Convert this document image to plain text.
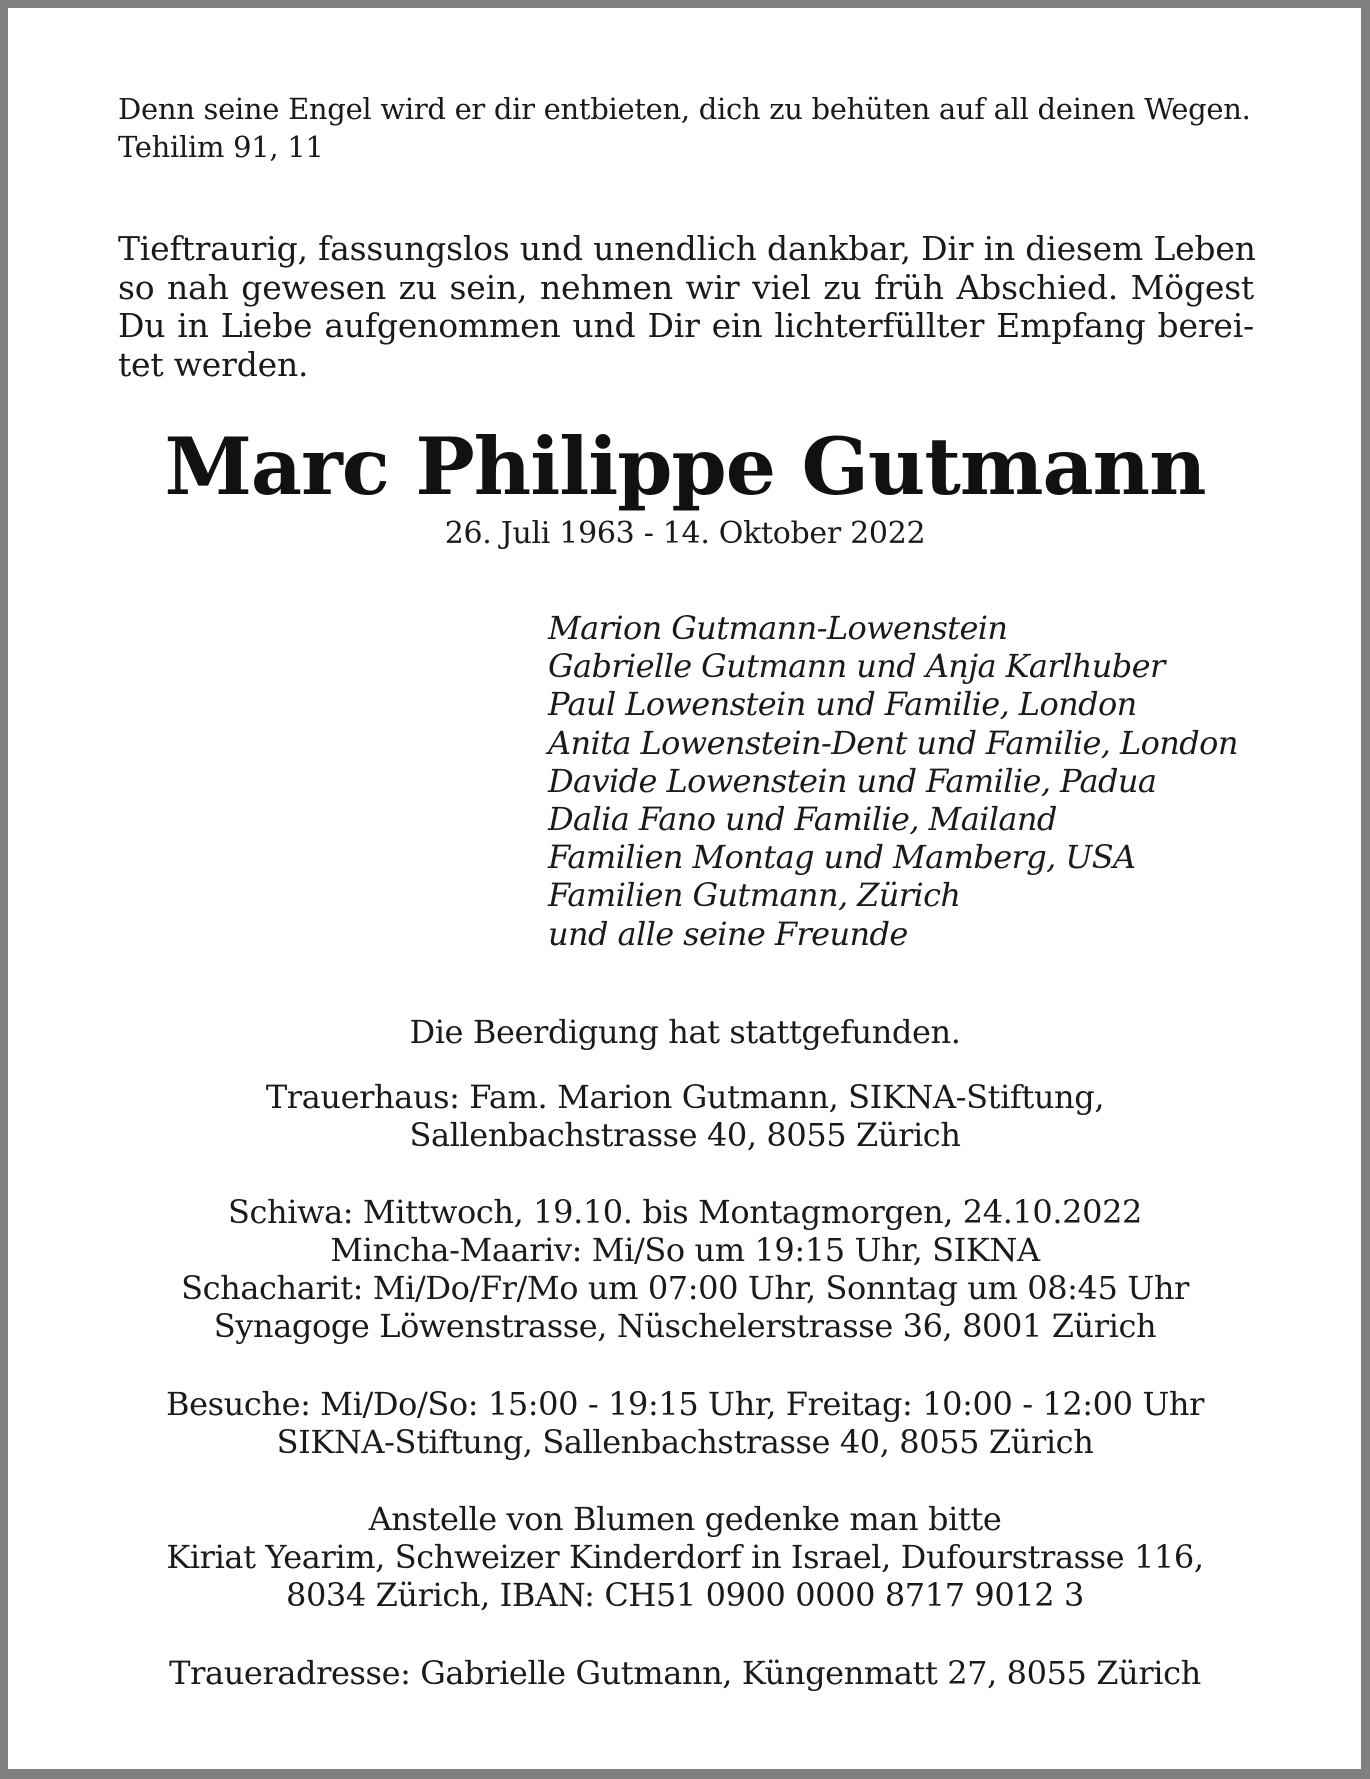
Denn seine Engel wird er dir entbieten, dich zu behüten auf all deinen Wegen.
Tehilim 91, 11
Tieftraurig, fassungslos und unendlich dankbar, Dir in diesem Leben
so nah gewesen zu sein, nehmen wir viel zu früh Abschied. Mögest
Du in Liebe aufgenommen und Dir ein lichterfüllter Empfang berei-
tet werden.
Marc Philippe Gutmann
26. Juli 1963 - 14. Oktober 2022
Marion Gutmann-Lowenstein
Gabrielle Gutmann und Anja Karlhuber
Paul Lowenstein und Familie, London
Anita Lowenstein-Dent und Familie, London
Davide Lowenstein und Familie, Padua
Dalia Fano und Familie, Mailand
Familien Montag und Mamberg, USA
Familien Gutmann, Zürich
und alle seine Freunde
Die Beerdigung hat stattgefunden.
Trauerhaus: Fam. Marion Gutmann, SIKNA-Stiftung,
Sallenbachstrasse 40, 8055 Zürich
Schiwa: Mittwoch, 19.10. bis Montagmorgen, 24.10.2022
Mincha-Maariv: Mi/So um 19:15 Uhr, SIKNA
Schacharit: Mi/Do/Fr/Mo um 07:00 Uhr, Sonntag um 08:45 Uhr
Synagoge Löwenstrasse, Nüschelerstrasse 36, 8001 Zürich
Besuche: Mi/Do/So: 15:00 - 19:15 Uhr, Freitag: 10:00 - 12:00 Uhr
SIKNA-Stiftung, Sallenbachstrasse 40, 8055 Zürich
Anstelle von Blumen gedenke man bitte
Kiriat Yearim, Schweizer Kinderdorf in Israel, Dufourstrasse 116,
8034 Zürich, IBAN: CH51 0900 0000 8717 9012 3
Traueradresse: Gabrielle Gutmann, Küngenmatt 27, 8055 Zürich
